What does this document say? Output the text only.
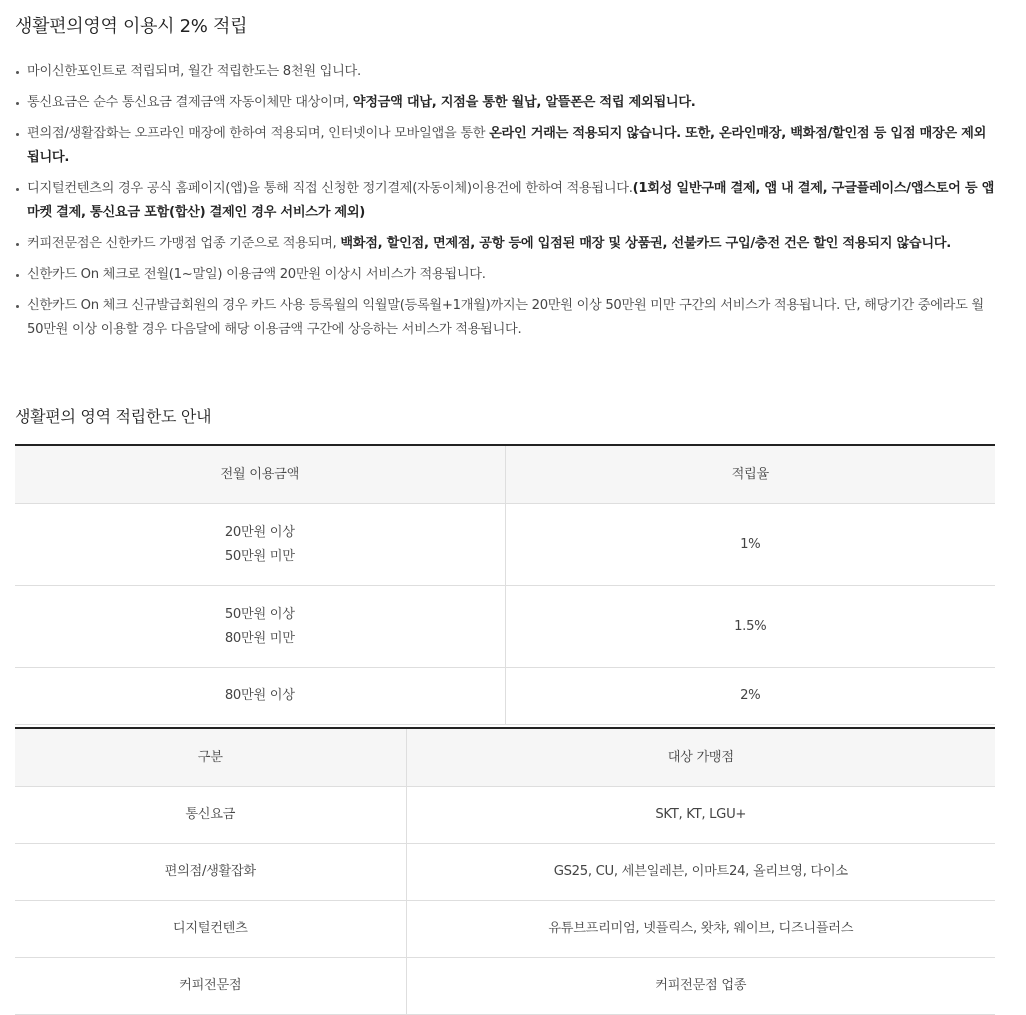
생활편의영역 이용시 2% 적립
마이신한포인트로 적립되며, 월간 적립한도는 8천원 입니다.
통신요금은 순수 통신요금 결제금액 자동이체만 대상이며, 약정금액 대납, 지점을 통한 월납, 알뜰폰은 적립 제외됩니다.
편의점/생활잡화는 오프라인 매장에 한하여 적용되며, 인터넷이나 모바일앱을 통한 온라인 거래는 적용되지 않습니다. 또한, 온라인매장, 백화점/할인점 등 입점 매장은 제외됩니다.
디지털컨텐츠의 경우 공식 홈페이지(앱)을 통해 직접 신청한 정기결제(자동이체)이용건에 한하여 적용됩니다.(1회성 일반구매 결제, 앱 내 결제, 구글플레이스/앱스토어 등 앱마켓 결제, 통신요금 포함(합산) 결제인 경우 서비스가 제외)
커피전문점은 신한카드 가맹점 업종 기준으로 적용되며, 백화점, 할인점, 면제점, 공항 등에 입점된 매장 및 상품권, 선불카드 구입/충전 건은 할인 적용되지 않습니다.
신한카드 On 체크로 전월(1~말일) 이용금액 20만원 이상시 서비스가 적용됩니다.
신한카드 On 체크 신규발급회원의 경우 카드 사용 등록월의 익월말(등록월+1개월)까지는 20만원 이상 50만원 미만 구간의 서비스가 적용됩니다. 단, 해당기간 중에라도 월 50만원 이상 이용할 경우 다음달에 해당 이용금액 구간에 상응하는 서비스가 적용됩니다.
생활편의 영역 적립한도 안내
전월 이용금액	적립율

20만원 이상
50만원 미만	1%

50만원 이상
80만원 미만	1.5%

80만원 이상	2%
구분	대상 가맹점
통신요금	SKT, KT, LGU+
편의점/생활잡화	GS25, CU, 세븐일레븐, 이마트24, 올리브영, 다이소
디지털컨텐츠	유튜브프리미엄, 넷플릭스, 왓챠, 웨이브, 디즈니플러스
커피전문점	커피전문점 업종
